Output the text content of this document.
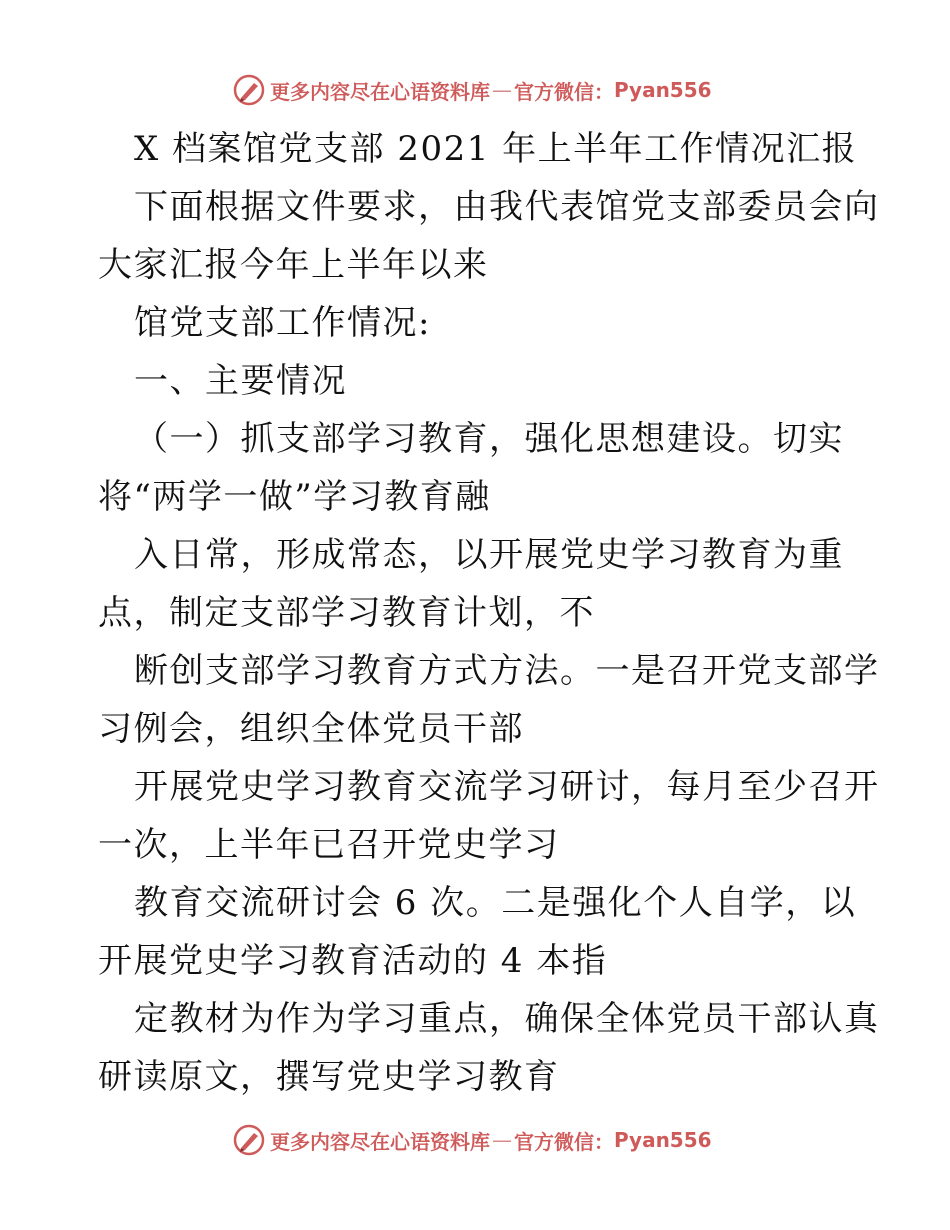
更多内容尽在心语资料库 — 官方微信： Pyan556
X 档案馆党支部 2021 年上半年工作情况汇报
下面根据文件要求，由我代表馆党支部委员会向
大家汇报今年上半年以来
馆党支部工作情况:
一、主要情况
（一）抓支部学习教育，强化思想建设。切实
将“两学一做”学习教育融
入日常，形成常态，以开展党史学习教育为重
点，制定支部学习教育计划，不
断创支部学习教育方式方法。一是召开党支部学
习例会，组织全体党员干部
开展党史学习教育交流学习研讨，每月至少召开
一次，上半年已召开党史学习
教育交流研讨会 6 次。二是强化个人自学，以
开展党史学习教育活动的 4 本指
定教材为作为学习重点，确保全体党员干部认真
研读原文，撰写党史学习教育
更多内容尽在心语资料库 — 官方微信： Pyan556
